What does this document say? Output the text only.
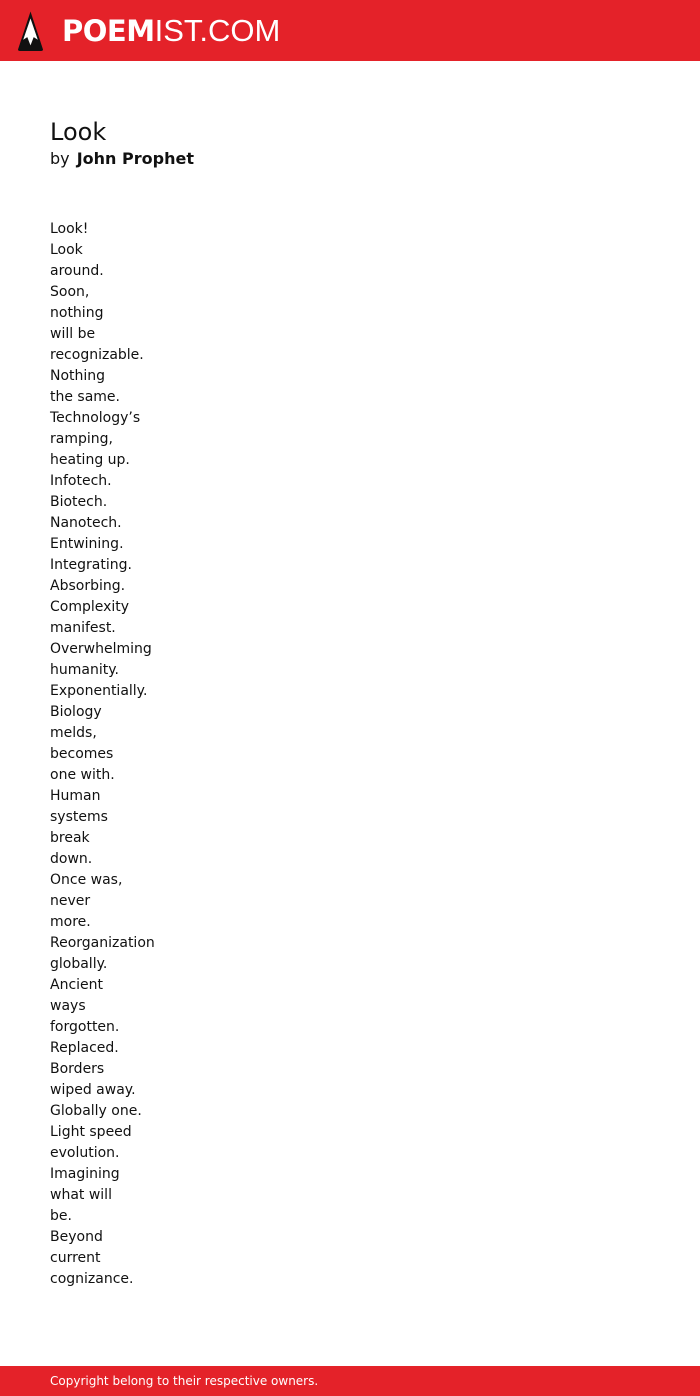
POEM IST.COM
Look
by John Prophet
Look!
Look
around.
Soon,
nothing
will be
recognizable.
Nothing
the same.
Technology’s
ramping,
heating up.
Infotech.
Biotech.
Nanotech.
Entwining.
Integrating.
Absorbing.
Complexity
manifest.
Overwhelming
humanity.
Exponentially.
Biology
melds,
becomes
one with.
Human
systems
break
down.
Once was,
never
more.
Reorganization
globally.
Ancient
ways
forgotten.
Replaced.
Borders
wiped away.
Globally one.
Light speed
evolution.
Imagining
what will
be.
Beyond
current
cognizance.
Copyright belong to their respective owners.
